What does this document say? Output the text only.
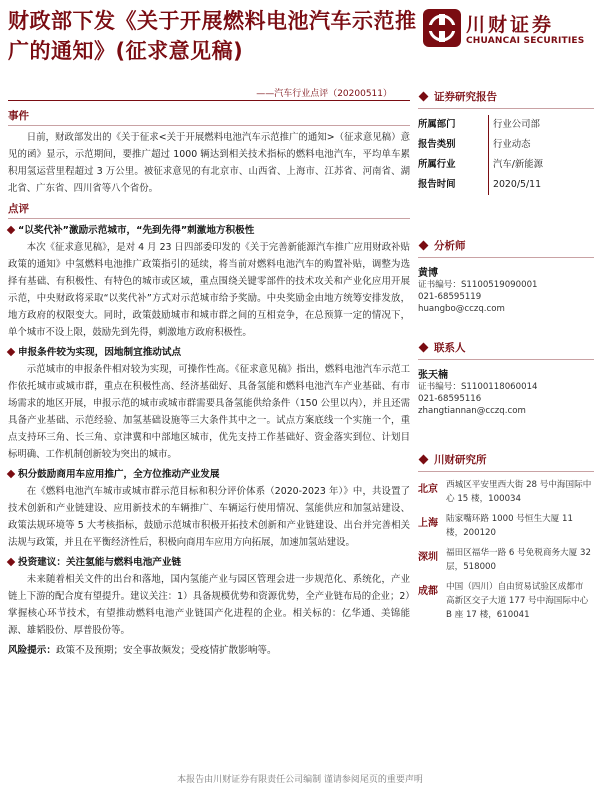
财政部下发《关于开展燃料电池汽车示范推广的通知》(征求意见稿)
川财证券
CHUANCAI SECURITIES
——汽车行业点评（20200511）
事件

日前，财政部发出的《关于征求<关于开展燃料电池汽车示范推广的通知>（征求意见稿）意见的函》显示，示范期间，要推广超过 1000 辆达到相关技术指标的燃料电池汽车，平均单车累积用氢运营里程超过 3 万公里。被征求意见的有北京市、山西省、上海市、江苏省、河南省、湖北省、广东省、四川省等八个省份。

点评

“以奖代补”激励示范城市，“先到先得”刺激地方积极性

本次《征求意见稿》，是对 4 月 23 日四部委印发的《关于完善新能源汽车推广应用财政补贴政策的通知》中氢燃料电池推广政策指引的延续，将当前对燃料电池汽车的购置补贴，调整为选择有基础、有积极性、有特色的城市或区域，重点围绕关键零部件的技术攻关和产业化应用开展示范，中央财政将采取“以奖代补”方式对示范城市给予奖励。中央奖励金由地方统筹安排发放，地方政府的权限变大。同时，政策鼓励城市和城市群之间的互相竞争，在总预算一定的情况下，单个城市不设上限，鼓励先到先得，刺激地方政府积极性。

申报条件较为实现，因地制宜推动试点

示范城市的申报条件相对较为实现，可操作性高。《征求意见稿》指出，燃料电池汽车示范工作依托城市或城市群，重点在积极性高、经济基础好、具备氢能和燃料电池汽车产业基础、有市场需求的地区开展，申报示范的城市或城市群需要具备氢能供给条件（150 公里以内），并且还需具备产业基础、示范经验、加氢基础设施等三大条件其中之一。试点方案底线一个实施一个，重点支持环三角、长三角、京津冀和中部地区城市，优先支持工作基础好、资金落实到位、计划目标明确、工作机制创新较为突出的城市。

积分鼓励商用车应用推广，全方位推动产业发展

在《燃料电池汽车城市或城市群示范目标和积分评价体系（2020-2023 年）》中，共设置了技术创新和产业链建设、应用新技术的车辆推广、车辆运行使用情况、氢能供应和加氢站建设、政策法规环境等 5 大考核指标，鼓励示范城市积极开拓技术创新和产业链建设、出台并完善相关法规与政策，并且在平衡经济性后，积极向商用车应用方向拓展，加速加氢站建设。

投资建议：关注氢能与燃料电池产业链

未来随着相关文件的出台和落地，国内氢能产业与园区管理会进一步规范化、系统化，产业链上下游的配合度有望提升。建议关注：1）具备规模优势和资源优势，全产业链布局的企业；2）掌握核心环节技术，有望推动燃料电池产业链国产化进程的企业。相关标的：亿华通、美锦能源、雄韬股份、厚普股份等。

风险提示：政策不及预期；安全事故频发；受疫情扩散影响等。

证券研究报告
所属部门	行业公司部
报告类别	行业动态
所属行业	汽车/新能源
报告时间	2020/5/11
分析师
黄博

证书编号：S1100519090001

021-68595119

huangbo@cczq.com

联系人
张天楠

证书编号：S1100118060014

021-68595116

zhangtiannan@cczq.com

川财研究所
北京 西城区平安里西大街 28 号中海国际中心 15 楼，100034
上海 陆家嘴环路 1000 号恒生大厦 11 楼，200120
深圳 福田区福华一路 6 号免税商务大厦 32 层，518000
成都 中国（四川）自由贸易试验区成都市高新区交子大道 177 号中海国际中心 B 座 17 楼，610041
本报告由川财证券有限责任公司编制 谨请参阅尾页的重要声明
